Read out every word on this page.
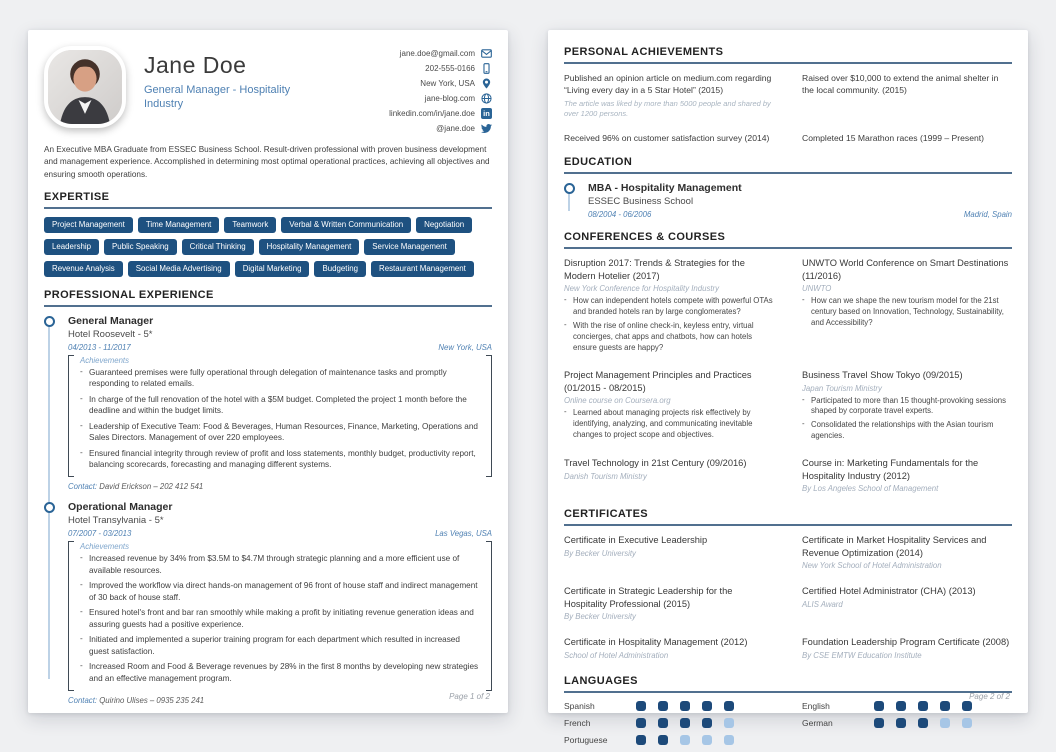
Jane Doe
General Manager - Hospitality Industry
jane.doe@gmail.com
202-555-0166
New York, USA
jane-blog.com
linkedin.com/in/jane.doe in
@jane.doe
An Executive MBA Graduate from ESSEC Business School. Result-driven professional with proven business development and management experience. Accomplished in determining most optimal operational practices, achieving all objectives and ensuring smooth operations.
EXPERTISE
Project Management	Time Management	Teamwork	Verbal & Written Communication	Negotiation
Leadership	Public Speaking	Critical Thinking	Hospitality Management	Service Management
Revenue Analysis	Social Media Advertising	Digital Marketing	Budgeting	Restaurant Management
PROFESSIONAL EXPERIENCE
General Manager
Hotel Roosevelt - 5*
04/2013 - 11/2017	New York, USA
Achievements
- Guaranteed premises were fully operational through delegation of maintenance tasks and promptly responding to related emails.
- In charge of the full renovation of the hotel with a $5M budget. Completed the project 1 month before the deadline and within the budget limits.
- Leadership of Executive Team: Food & Beverages, Human Resources, Finance, Marketing, Operations and Sales Directors. Management of over 220 employees.
- Ensured financial integrity through review of profit and loss statements, monthly budget, productivity report, balancing scorecards, forecasting and managing different systems.
Contact: David Erickson – 202 412 541
Operational Manager
Hotel Transylvania - 5*
07/2007 - 03/2013	Las Vegas, USA
Achievements
- Increased revenue by 34% from $3.5M to $4.7M through strategic planning and a more efficient use of available resources.
- Improved the workflow via direct hands-on management of 96 front of house staff and indirect management of 30 back of house staff.
- Ensured hotel's front and bar ran smoothly while making a profit by initiating revenue generation ideas and assuring guests had a positive experience.
- Initiated and implemented a superior training program for each department which resulted in increased guest satisfaction.
- Increased Room and Food & Beverage revenues by 28% in the first 8 months by developing new strategies and an effective management program.
Contact: Quirino Ulises – 0935 235 241	Page 1 of 2
PERSONAL ACHIEVEMENTS
Published an opinion article on medium.com regarding “Living every day in a 5 Star Hotel” (2015)
The article was liked by more than 5000 people and shared by over 1200 persons.
Raised over $10,000 to extend the animal shelter in the local community. (2015)
Received 96% on customer satisfaction survey (2014)	Completed 15 Marathon races (1999 – Present)
EDUCATION
MBA - Hospitality Management
ESSEC Business School
08/2004 - 06/2006	Madrid, Spain
CONFERENCES & COURSES
Disruption 2017: Trends & Strategies for the Modern Hotelier (2017)
New York Conference for Hospitality Industry
- How can independent hotels compete with powerful OTAs and branded hotels ran by large conglomerates?
- With the rise of online check-in, keyless entry, virtual concierges, chat apps and chatbots, how can hotels ensure guests are happy?
UNWTO World Conference on Smart Destinations (11/2016)
UNWTO
- How can we shape the new tourism model for the 21st century based on Innovation, Technology, Sustainability, and Accessibility?
Project Management Principles and Practices (01/2015 - 08/2015)
Online course on Coursera.org
- Learned about managing projects risk effectively by identifying, analyzing, and communicating inevitable changes to project scope and objectives.
Business Travel Show Tokyo (09/2015)
Japan Tourism Ministry
- Participated to more than 15 thought-provoking sessions shaped by corporate travel experts.
- Consolidated the relationships with the Asian tourism agencies.
Travel Technology in 21st Century (09/2016)
Danish Tourism Ministry
Course in: Marketing Fundamentals for the Hospitality Industry (2012)
By Los Angeles School of Management
CERTIFICATES
Certificate in Executive Leadership
By Becker University
Certificate in Market Hospitality Services and Revenue Optimization (2014)
New York School of Hotel Administration
Certificate in Strategic Leadership for the Hospitality Professional (2015)
By Becker University
Certified Hotel Administrator (CHA) (2013)
ALIS Award
Certificate in Hospitality Management (2012)
School of Hotel Administration
Foundation Leadership Program Certificate (2008)
By CSE EMTW Education Institute
LANGUAGES
Spanish
French
Portuguese
English
German
Page 2 of 2
